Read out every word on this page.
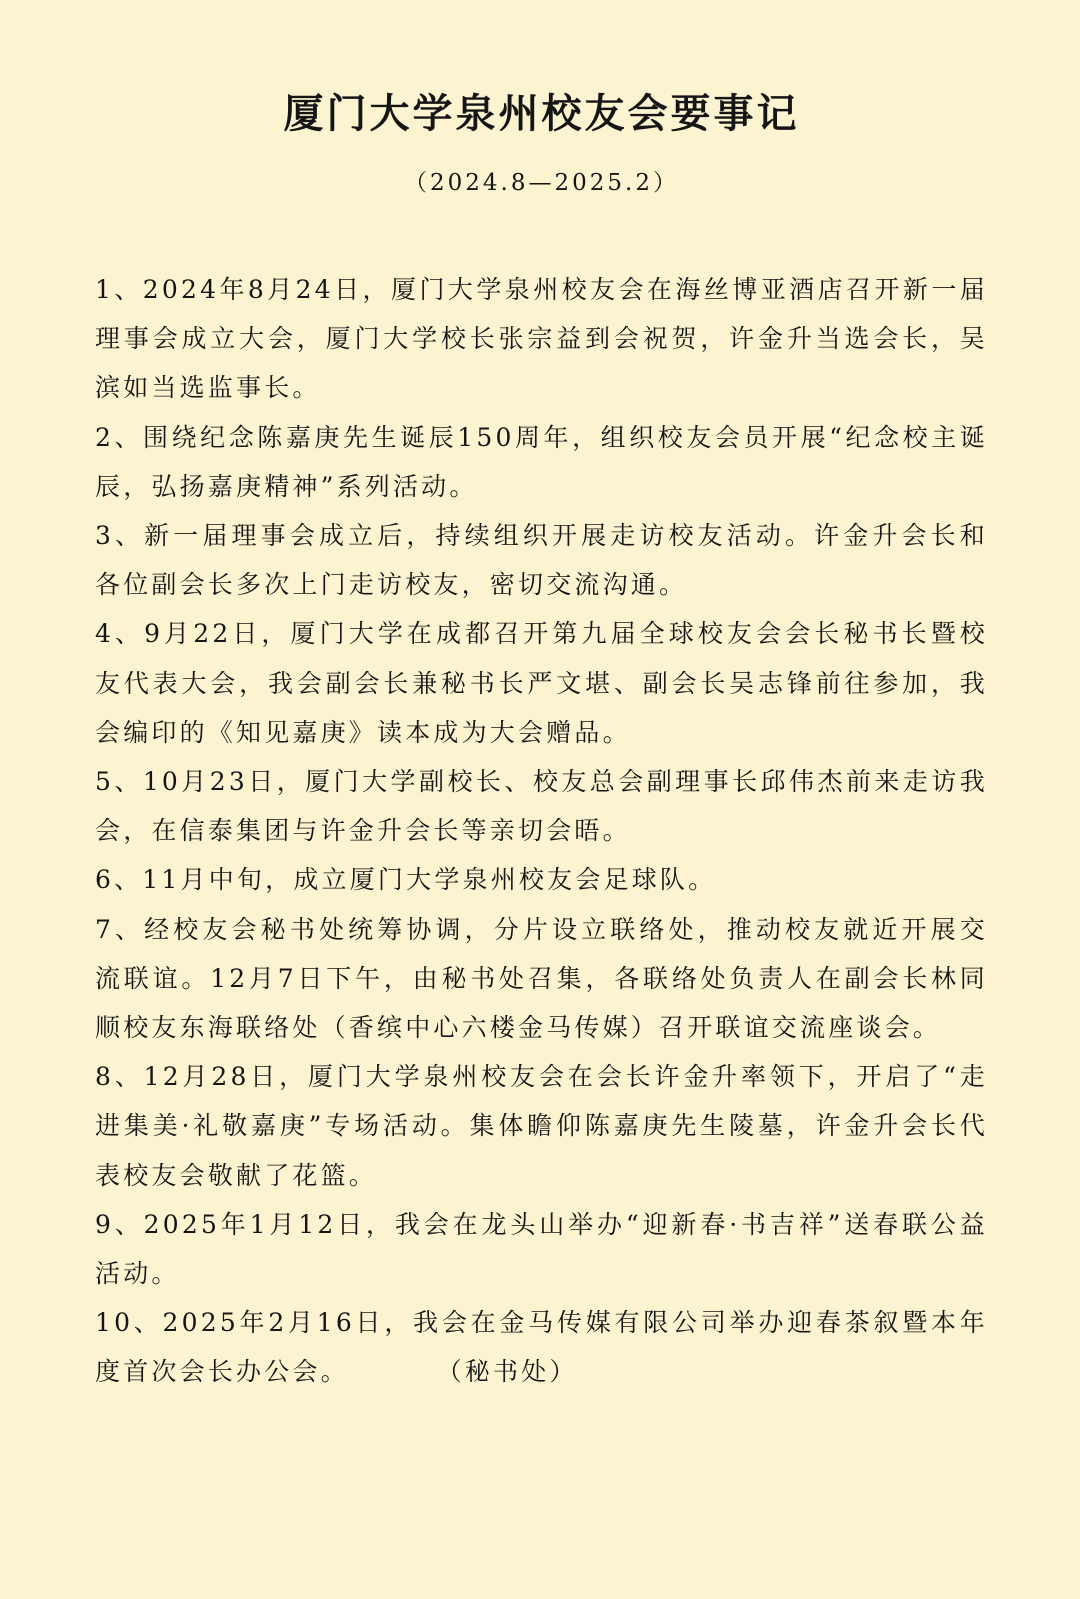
厦门大学泉州校友会要事记
（2024.8—2025.2）

1、2024年8月24日，厦门大学泉州校友会在海丝博亚酒店召开新一届理事会成立大会，厦门大学校长张宗益到会祝贺，许金升当选会长，吴滨如当选监事长。

2、围绕纪念陈嘉庚先生诞辰150周年，组织校友会员开展“纪念校主诞辰，弘扬嘉庚精神”系列活动。

3、新一届理事会成立后，持续组织开展走访校友活动。许金升会长和各位副会长多次上门走访校友，密切交流沟通。

4、9月22日，厦门大学在成都召开第九届全球校友会会长秘书长暨校友代表大会，我会副会长兼秘书长严文堪、副会长吴志锋前往参加，我会编印的《知见嘉庚》读本成为大会赠品。

5、10月23日，厦门大学副校长、校友总会副理事长邱伟杰前来走访我会，在信泰集团与许金升会长等亲切会晤。

6、11月中旬，成立厦门大学泉州校友会足球队。

7、经校友会秘书处统筹协调，分片设立联络处，推动校友就近开展交流联谊。12月7日下午，由秘书处召集，各联络处负责人在副会长林同顺校友东海联络处（香缤中心六楼金马传媒）召开联谊交流座谈会。

8、12月28日，厦门大学泉州校友会在会长许金升率领下，开启了“走进集美·礼敬嘉庚”专场活动。集体瞻仰陈嘉庚先生陵墓，许金升会长代表校友会敬献了花篮。

9、2025年1月12日，我会在龙头山举办“迎新春·书吉祥”送春联公益活动。

10、2025年2月16日，我会在金马传媒有限公司举办迎春茶叙暨本年度首次会长办公会。　　　　（秘书处）
